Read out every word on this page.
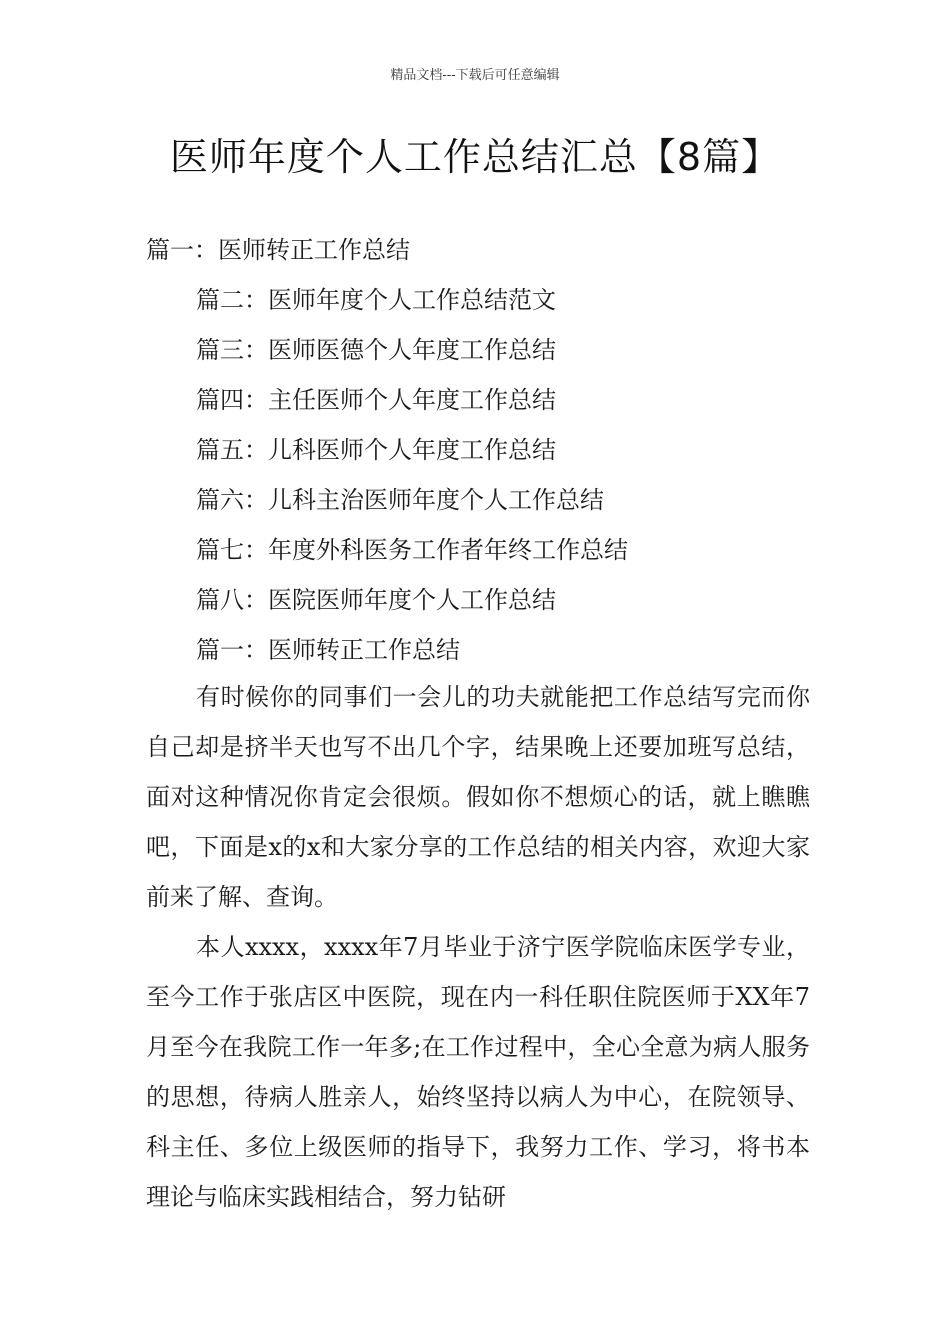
精品文档---下载后可任意编辑
医师年度个人工作总结汇总【8篇】
篇一：医师转正工作总结
篇二：医师年度个人工作总结范文
篇三：医师医德个人年度工作总结
篇四：主任医师个人年度工作总结
篇五：儿科医师个人年度工作总结
篇六：儿科主治医师年度个人工作总结
篇七：年度外科医务工作者年终工作总结
篇八：医院医师年度个人工作总结
篇一：医师转正工作总结

有时候你的同事们一会儿的功夫就能把工作总结写完而你自己却是挤半天也写不出几个字，结果晚上还要加班写总结，面对这种情况你肯定会很烦。假如你不想烦心的话，就上瞧瞧吧，下面是x的x和大家分享的工作总结的相关内容，欢迎大家前来了解、查询。

本人xxxx，xxxx年7月毕业于济宁医学院临床医学专业，至今工作于张店区中医院，现在内一科任职住院医师于XX年7月至今在我院工作一年多;在工作过程中，全心全意为病人服务的思想，待病人胜亲人，始终坚持以病人为中心，在院领导、科主任、多位上级医师的指导下，我努力工作、学习，将书本理论与临床实践相结合，努力钻研
